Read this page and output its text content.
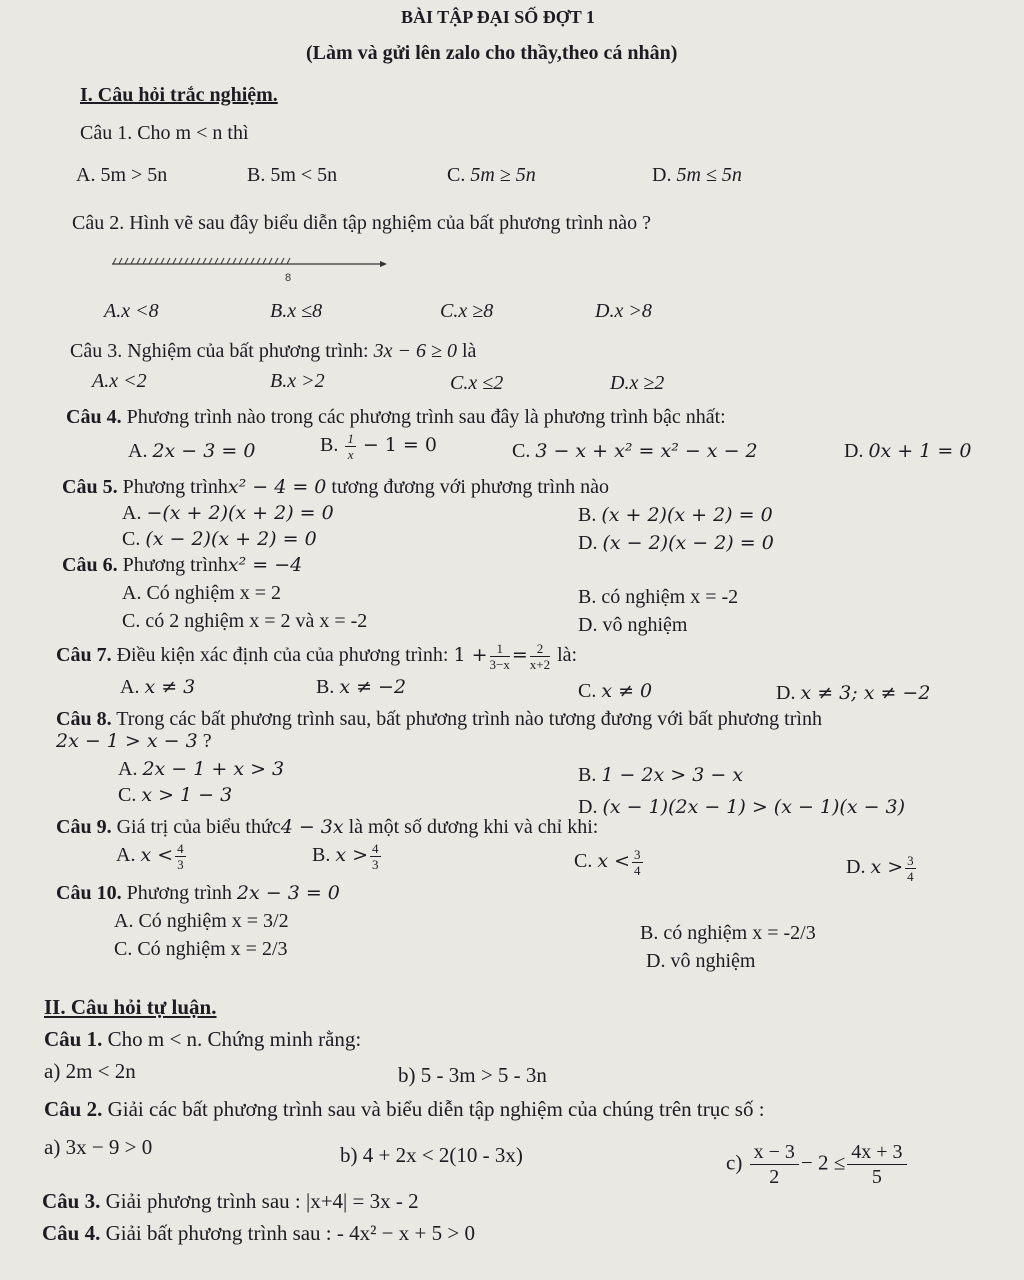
BÀI TẬP ĐẠI SỐ ĐỢT 1
(Làm và gửi lên zalo cho thầy,theo cá nhân)
I. Câu hỏi trắc nghiệm.
Câu 1. Cho m < n thì
A. 5m > 5n	B. 5m < 5n	C. 5m ≥ 5n	D. 5m ≤ 5n
Câu 2. Hình vẽ sau đây biểu diễn tập nghiệm của bất phương trình nào ?
8
A.x <8	B.x ≤8	C.x ≥8	D.x >8
Câu 3. Nghiệm của bất phương trình: 3x − 6 ≥ 0 là
A.x <2	B.x >2	C.x ≤2	D.x ≥2
Câu 4. Phương trình nào trong các phương trình sau đây là phương trình bậc nhất:
A. 2x − 3 = 0	B. $\frac{1}{x} - 1 = 0$	C. 3 − x + x² = x² − x − 2	D. 0x + 1 = 0
Câu 5. Phương trìnhx² − 4 = 0 tương đương với phương trình nào
A. −(x + 2)(x + 2) = 0	B. (x + 2)(x + 2) = 0
C. (x − 2)(x + 2) = 0	D. (x − 2)(x − 2) = 0
Câu 6. Phương trìnhx² = −4
A. Có nghiệm x = 2	B. có nghiệm x = -2
C. có 2 nghiệm x = 2 và x = -2	D. vô nghiệm
Câu 7. Điều kiện xác định của của phương trình: $1 + \frac{1}{3-x} = \frac{2}{x+2}$ là:
A. x ≠ 3	B. x ≠ −2	C. x ≠ 0	D. x ≠ 3; x ≠ −2
Câu 8. Trong các bất phương trình sau, bất phương trình nào tương đương với bất phương trình
2x − 1 > x − 3 ?
A. 2x − 1 + x > 3	B. 1 − 2x > 3 − x
C. x > 1 − 3
D. (x − 1)(2x − 1) > (x − 1)(x − 3)
Câu 9. Giá trị của biểu thức4 − 3x là một số dương khi và chỉ khi:
A. $x < \frac{4}{3}$	B. $x > \frac{4}{3}$	C. $x < \frac{3}{4}$	D. $x > \frac{3}{4}$
Câu 10. Phương trình 2x − 3 = 0
A. Có nghiệm x = 3/2
B. có nghiệm x = -2/3
C. Có nghiệm x = 2/3
D. vô nghiệm
II. Câu hỏi tự luận.
Câu 1. Cho m < n. Chứng minh rằng:
a) 2m < 2n	b) 5 - 3m > 5 - 3n
Câu 2. Giải các bất phương trình sau và biểu diễn tập nghiệm của chúng trên trục số :
a) 3x − 9 > 0	b) 4 + 2x < 2(10 - 3x)	$c) \frac{x - 3}{2} - 2 \le \frac{4x + 3}{5}$
Câu 3. Giải phương trình sau : |x+4| = 3x - 2
Câu 4. Giải bất phương trình sau : - 4x² − x + 5 > 0
